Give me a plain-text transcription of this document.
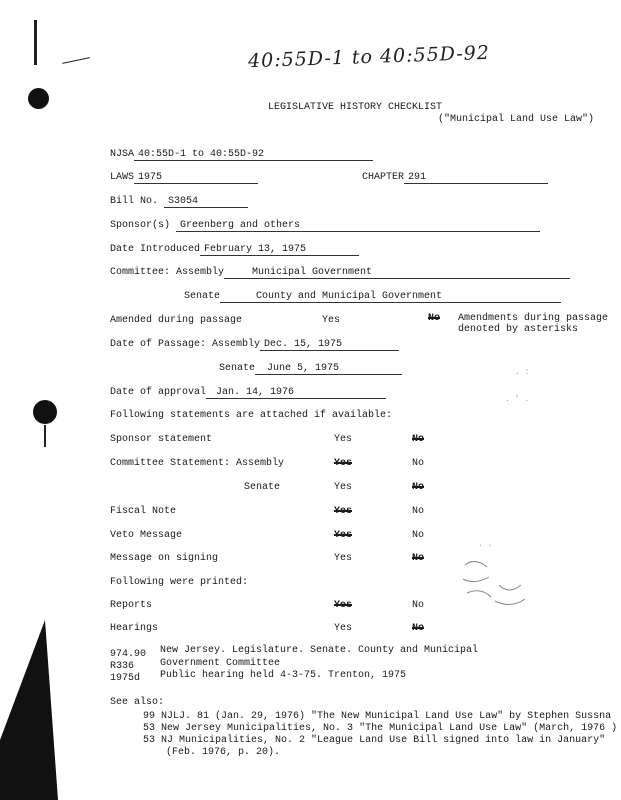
. :
. ' .
. .
40:55D-1 to 40:55D-92
LEGISLATIVE HISTORY CHECKLIST
("Municipal Land Use Law")
NJSA 40:55D-1 to 40:55D-92
LAWS 1975	CHAPTER 291
Bill No. S3054
Sponsor(s) Greenberg and others
Date Introduced February 13, 1975
Committee: Assembly	Municipal Government
Senate	County and Municipal Government
Amended during passage	Yes	No Amendments during passage
denoted by asterisks
Date of Passage: Assembly Dec. 15, 1975
Senate June 5, 1975
Date of approval Jan. 14, 1976
Following statements are attached if available:
Sponsor statement	Yes	No
Committee Statement: Assembly	Yes	No
Senate	Yes	No
Fiscal Note	Yes	No
Veto Message	Yes	No
Message on signing	Yes	No
Following were printed:
Reports	Yes	No
Hearings	Yes	No
974.90 New Jersey. Legislature. Senate. County and Municipal
R336	Government Committee
1975d Public hearing held 4-3-75. Trenton, 1975
See also:
99 NJLJ. 81 (Jan. 29, 1976) "The New Municipal Land Use Law" by Stephen Sussna
53 New Jersey Municipalities, No. 3 "The Municipal Land Use Law" (March, 1976 )
53 NJ Municipalities, No. 2 "League Land Use Bill signed into law in January"
(Feb. 1976, p. 20).
